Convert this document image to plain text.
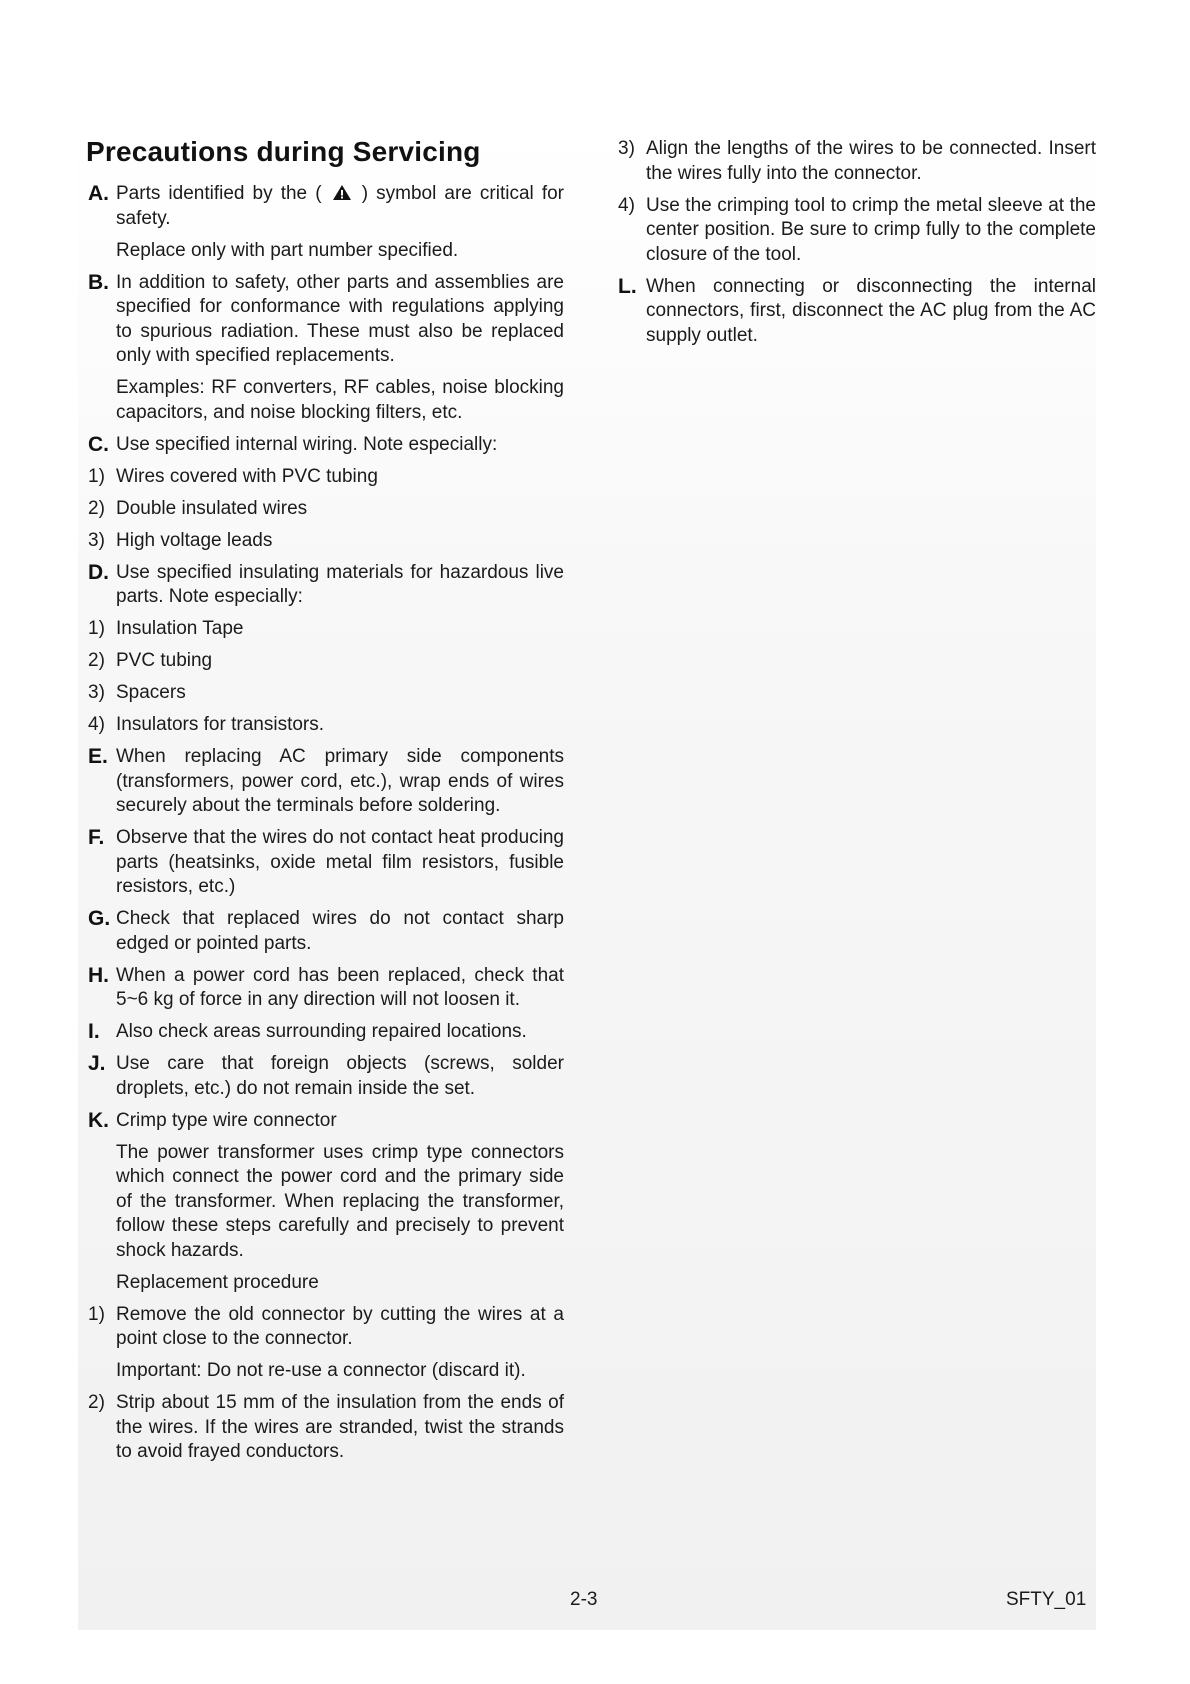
Precautions during Servicing
A. Parts identified by the ( ) symbol are critical for safety.
Replace only with part number specified.
B. In addition to safety, other parts and assemblies are specified for conformance with regulations applying to spurious radiation. These must also be replaced only with specified replacements.
Examples: RF converters, RF cables, noise blocking capacitors, and noise blocking filters, etc.
C. Use specified internal wiring. Note especially:
1) Wires covered with PVC tubing
2) Double insulated wires
3) High voltage leads
D. Use specified insulating materials for hazardous live parts. Note especially:
1) Insulation Tape
2) PVC tubing
3) Spacers
4) Insulators for transistors.
E. When replacing AC primary side components (transformers, power cord, etc.), wrap ends of wires securely about the terminals before soldering.
F. Observe that the wires do not contact heat producing parts (heatsinks, oxide metal film resistors, fusible resistors, etc.)
G. Check that replaced wires do not contact sharp edged or pointed parts.
H. When a power cord has been replaced, check that 5~6 kg of force in any direction will not loosen it.
I. Also check areas surrounding repaired locations.
J. Use care that foreign objects (screws, solder droplets, etc.) do not remain inside the set.
K. Crimp type wire connector
The power transformer uses crimp type connectors which connect the power cord and the primary side of the transformer. When replacing the transformer, follow these steps carefully and precisely to prevent shock hazards.
Replacement procedure
1) Remove the old connector by cutting the wires at a point close to the connector.
Important: Do not re-use a connector (discard it).
2) Strip about 15 mm of the insulation from the ends of the wires. If the wires are stranded, twist the strands to avoid frayed conductors.
3) Align the lengths of the wires to be connected. Insert the wires fully into the connector.
4) Use the crimping tool to crimp the metal sleeve at the center position. Be sure to crimp fully to the complete closure of the tool.
L. When connecting or disconnecting the internal connectors, first, disconnect the AC plug from the AC supply outlet.
2-3	SFTY_01
